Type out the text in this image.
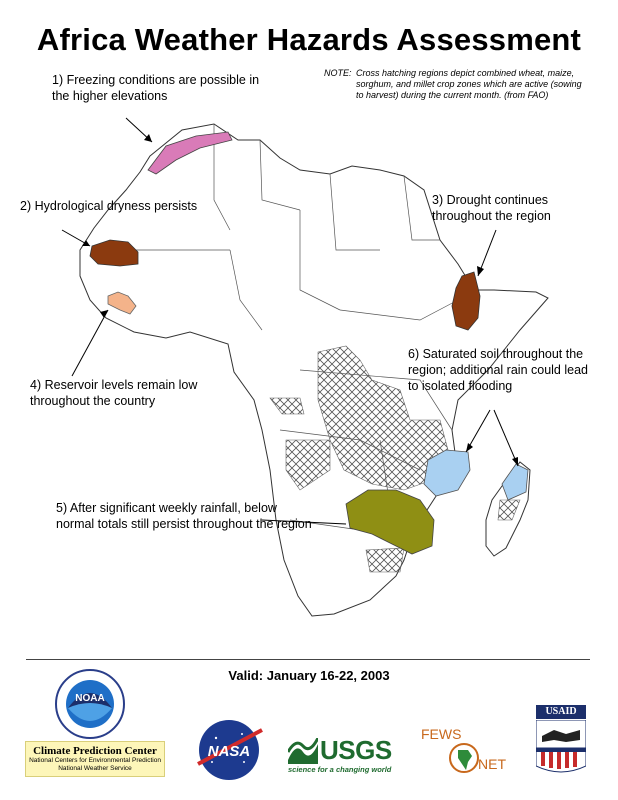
Africa Weather Hazards Assessment
NOTE: Cross hatching regions depict combined wheat, maize, sorghum, and millet crop zones which are active (sowing to harvest) during the current month. (from FAO)
1) Freezing conditions are possible in the higher elevations
2) Hydrological dryness persists	3) Drought continues throughout the region
4) Reservoir levels remain low throughout the country
5) After significant weekly rainfall, below normal totals still persist throughout the region
6) Saturated soil throughout the region; additional rain could lead to isolated flooding
Valid: January 16-22, 2003
NOAA
Climate Prediction Center
National Centers for Environmental Prediction
National Weather Service
NASA	USGS
science for a changing world
FEWS
NET
USAID
